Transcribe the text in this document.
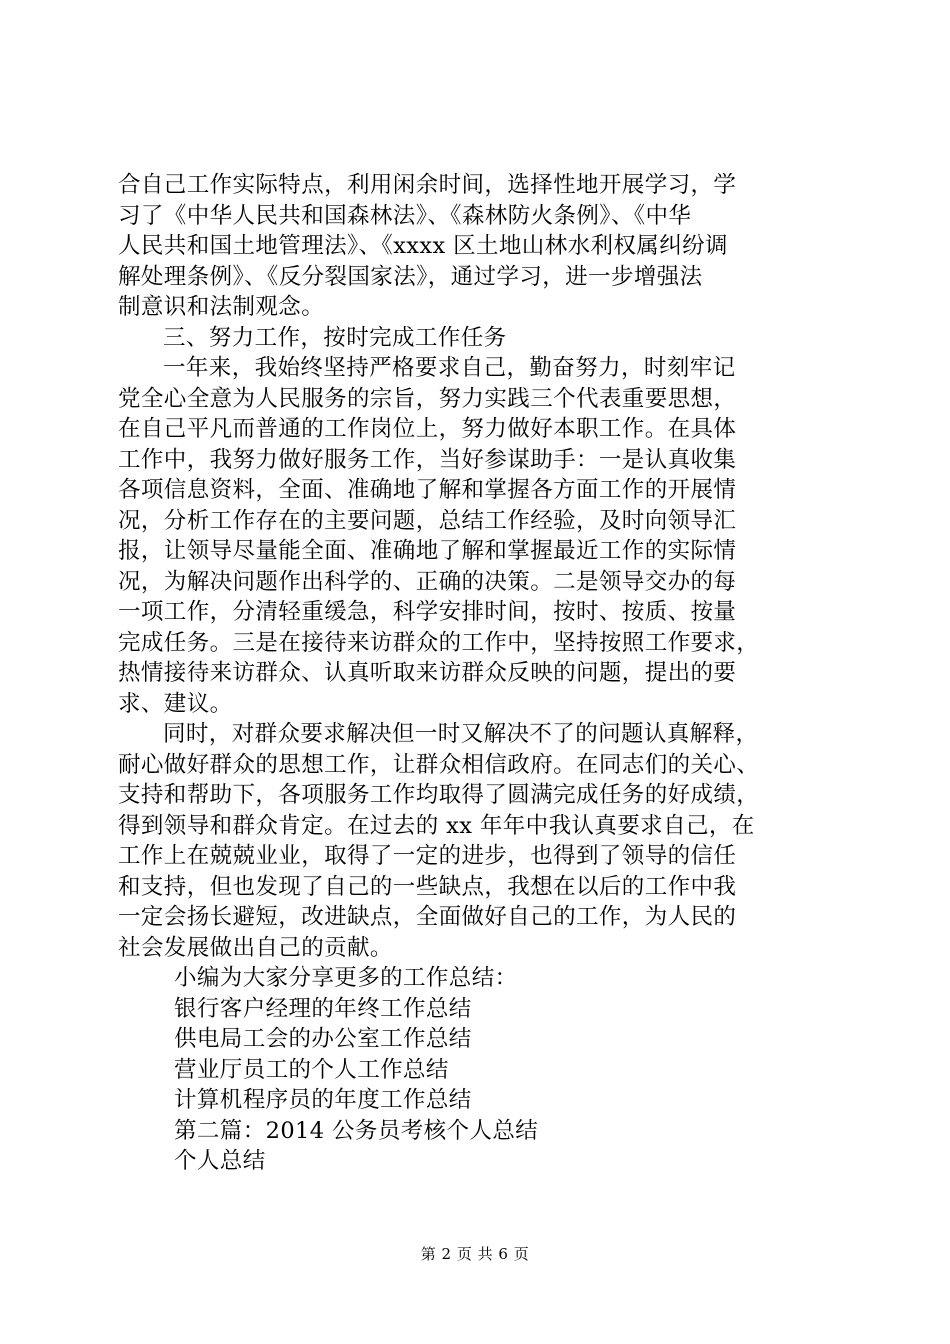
合自己工作实际特点，利用闲余时间，选择性地开展学习，学

习了《中华人民共和国森林法》、《森林防火条例》、《中华

人民共和国土地管理法》、《xxxx 区土地山林水利权属纠纷调

解处理条例》、《反分裂国家法》，通过学习，进一步增强法

制意识和法制观念。

三、努力工作，按时完成工作任务

一年来，我始终坚持严格要求自己，勤奋努力，时刻牢记

党全心全意为人民服务的宗旨，努力实践三个代表重要思想，

在自己平凡而普通的工作岗位上，努力做好本职工作。在具体

工作中，我努力做好服务工作，当好参谋助手：一是认真收集

各项信息资料，全面、准确地了解和掌握各方面工作的开展情

况，分析工作存在的主要问题，总结工作经验，及时向领导汇

报，让领导尽量能全面、准确地了解和掌握最近工作的实际情

况，为解决问题作出科学的、正确的决策。二是领导交办的每

一项工作，分清轻重缓急，科学安排时间，按时、按质、按量

完成任务。三是在接待来访群众的工作中，坚持按照工作要求，

热情接待来访群众、认真听取来访群众反映的问题，提出的要

求、建议。

同时，对群众要求解决但一时又解决不了的问题认真解释，

耐心做好群众的思想工作，让群众相信政府。在同志们的关心、

支持和帮助下，各项服务工作均取得了圆满完成任务的好成绩，

得到领导和群众肯定。在过去的 xx 年年中我认真要求自己，在

工作上在兢兢业业，取得了一定的进步，也得到了领导的信任

和支持，但也发现了自己的一些缺点，我想在以后的工作中我

一定会扬长避短，改进缺点，全面做好自己的工作，为人民的

社会发展做出自己的贡献。

小编为大家分享更多的工作总结：

银行客户经理的年终工作总结

供电局工会的办公室工作总结

营业厅员工的个人工作总结

计算机程序员的年度工作总结

第二篇：2014 公务员考核个人总结

个人总结

第 2 页 共 6 页
